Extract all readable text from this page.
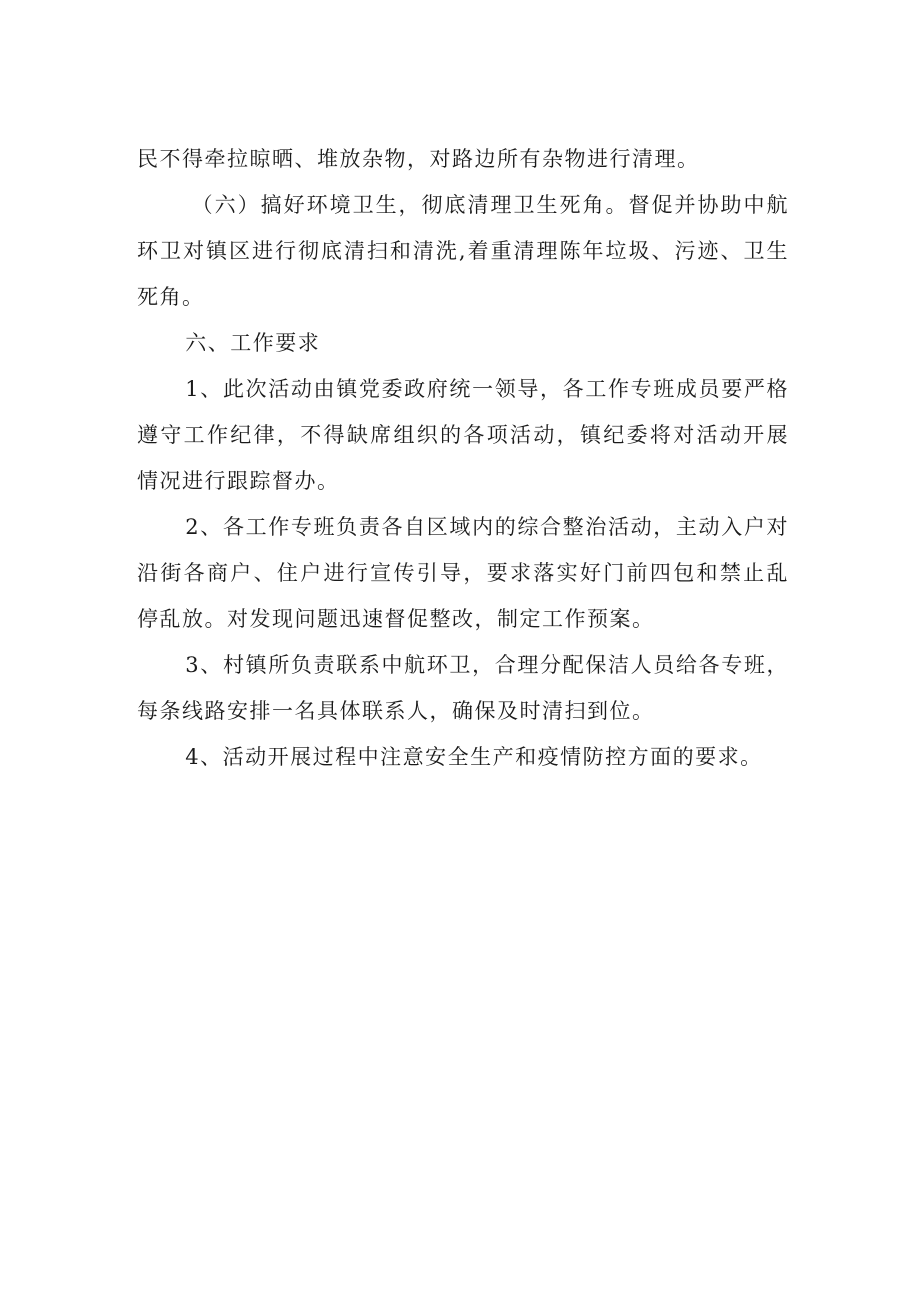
民不得牵拉晾晒、堆放杂物，对路边所有杂物进行清理。

（六）搞好环境卫生，彻底清理卫生死角。督促并协助中航环卫对镇区进行彻底清扫和清洗,着重清理陈年垃圾、污迹、卫生死角。

六、工作要求

1、此次活动由镇党委政府统一领导，各工作专班成员要严格遵守工作纪律，不得缺席组织的各项活动，镇纪委将对活动开展情况进行跟踪督办。

2、各工作专班负责各自区域内的综合整治活动，主动入户对沿街各商户、住户进行宣传引导，要求落实好门前四包和禁止乱停乱放。对发现问题迅速督促整改，制定工作预案。

3、村镇所负责联系中航环卫，合理分配保洁人员给各专班，每条线路安排一名具体联系人，确保及时清扫到位。

4、活动开展过程中注意安全生产和疫情防控方面的要求。
